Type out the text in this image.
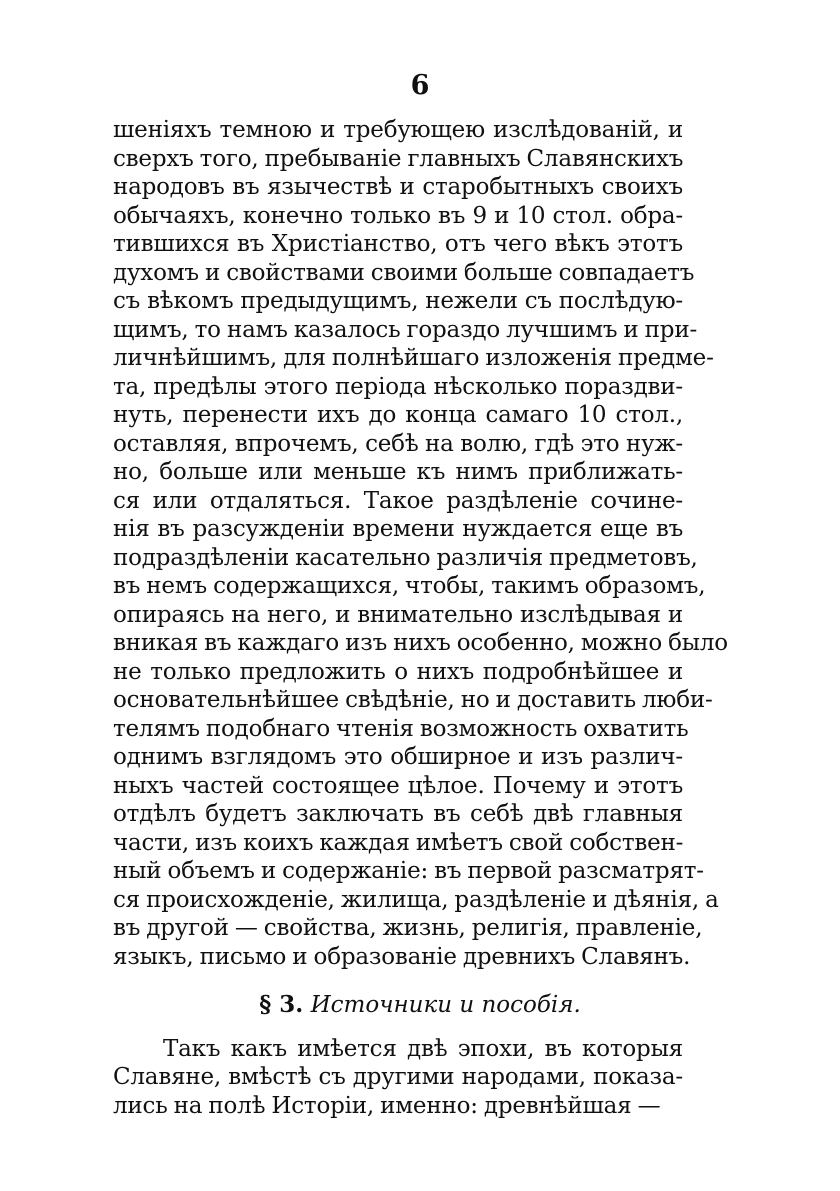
6
шеніяхъ темною и требующею изслѣдованій, и
сверхъ того, пребываніе главныхъ Славянскихъ
народовъ въ язычествѣ и старобытныхъ своихъ
обычаяхъ, конечно только въ 9 и 10 стол. обра-
тившихся въ Христіанство, отъ чего вѣкъ этотъ
духомъ и свойствами своими больше совпадаетъ
съ вѣкомъ предыдущимъ, нежели съ послѣдую-
щимъ, то намъ казалось гораздо лучшимъ и при-
личнѣйшимъ, для полнѣйшаго изложенія предме-
та, предѣлы этого періода нѣсколько пораздви-
нуть, перенести ихъ до конца самаго 10 стол.,
оставляя, впрочемъ, себѣ на волю, гдѣ это нуж-
но, больше или меньше къ нимъ приближать-
ся или отдаляться. Такое раздѣленіе сочине-
нія въ разсужденіи времени нуждается еще въ
подраздѣленіи касательно различія предметовъ,
въ немъ содержащихся, чтобы, такимъ образомъ,
опираясь на него, и внимательно изслѣдывая и
вникая въ каждаго изъ нихъ особенно, можно было
не только предложить о нихъ подробнѣйшее и
основательнѣйшее свѣдѣніе, но и доставить люби-
телямъ подобнаго чтенія возможность охватить
однимъ взглядомъ это обширное и изъ различ-
ныхъ частей состоящее цѣлое. Почему и этотъ
отдѣлъ будетъ заключать въ себѣ двѣ главныя
части, изъ коихъ каждая имѣетъ свой собствен-
ный объемъ и содержаніе: въ первой разсматрят-
ся происхожденіе, жилища, раздѣленіе и дѣянія, а
въ другой — свойства, жизнь, религія, правленіе,
языкъ, письмо и образованіе древнихъ Славянъ.
§ 3. Источники и пособія.
Такъ какъ имѣется двѣ эпохи, въ которыя
Славяне, вмѣстѣ съ другими народами, показа-
лись на полѣ Исторіи, именно: древнѣйшая —
